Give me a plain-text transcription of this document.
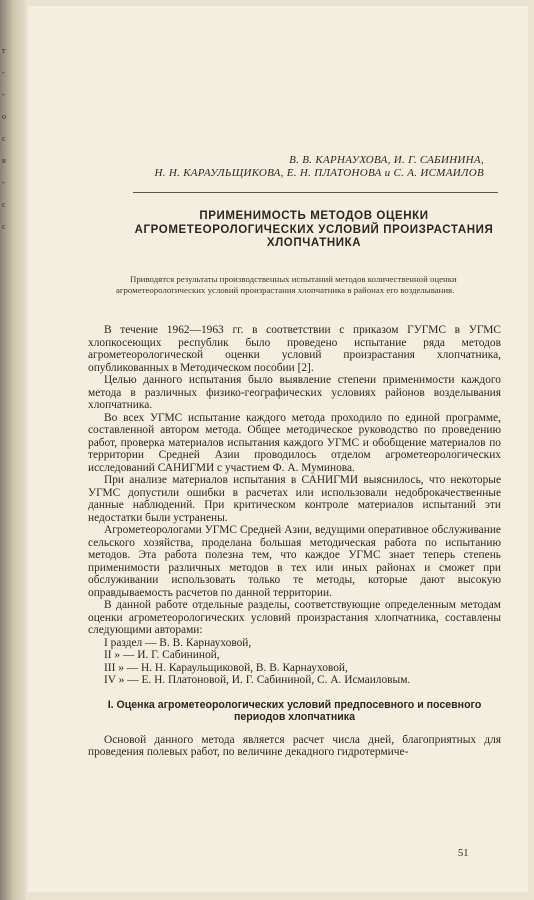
т
-
-
о
с
в
-
с
с
В. В. КАРНАУХОВА, И. Г. САБИНИНА,
Н. Н. КАРАУЛЬЩИКОВА, Е. Н. ПЛАТОНОВА и С. А. ИСМАИЛОВ
ПРИМЕНИМОСТЬ МЕТОДОВ ОЦЕНКИ АГРОМЕТЕОРОЛОГИЧЕСКИХ УСЛОВИЙ ПРОИЗРАСТАНИЯ ХЛОПЧАТНИКА
Приводятся результаты производственных испытаний методов количественной оценки агрометеорологических условий произрастания хлопчатника в районах его возделывания.

В течение 1962—1963 гг. в соответствии с приказом ГУГМС в УГМС хлопкосеющих республик было проведено испытание ряда методов агрометеорологической оценки условий произрастания хлопчатника, опубликованных в Методическом пособии [2].

Целью данного испытания было выявление степени применимости каждого метода в различных физико-географических условиях районов возделывания хлопчатника.

Во всех УГМС испытание каждого метода проходило по единой программе, составленной автором метода. Общее методическое руководство по проведению работ, проверка материалов испытания каждого УГМС и обобщение материалов по территории Средней Азии проводилось отделом агрометеорологических исследований САНИГМИ с участием Ф. А. Муминова.

При анализе материалов испытания в САНИГМИ выяснилось, что некоторые УГМС допустили ошибки в расчетах или использовали недоброкачественные данные наблюдений. При критическом контроле материалов испытаний эти недостатки были устранены.

Агрометеорологами УГМС Средней Азии, ведущими оперативное обслуживание сельского хозяйства, проделана большая методическая работа по испытанию методов. Эта работа полезна тем, что каждое УГМС знает теперь степень применимости различных методов в тех или иных районах и сможет при обслуживании использовать только те методы, которые дают высокую оправдываемость расчетов по данной территории.

В данной работе отдельные разделы, соответствующие определенным методам оценки агрометеорологических условий произрастания хлопчатника, составлены следующими авторами:

I раздел — В. В. Карнауховой,
II » — И. Г. Сабининой,
III » — Н. Н. Караульщиковой, В. В. Карнауховой,
IV » — Е. Н. Платоновой, И. Г. Сабининой, С. А. Исмаиловым.
I. Оценка агрометеорологических условий предпосевного и посевного периодов хлопчатника

Основой данного метода является расчет числа дней, благоприятных для проведения полевых работ, по величине декадного гидротермиче-

51
